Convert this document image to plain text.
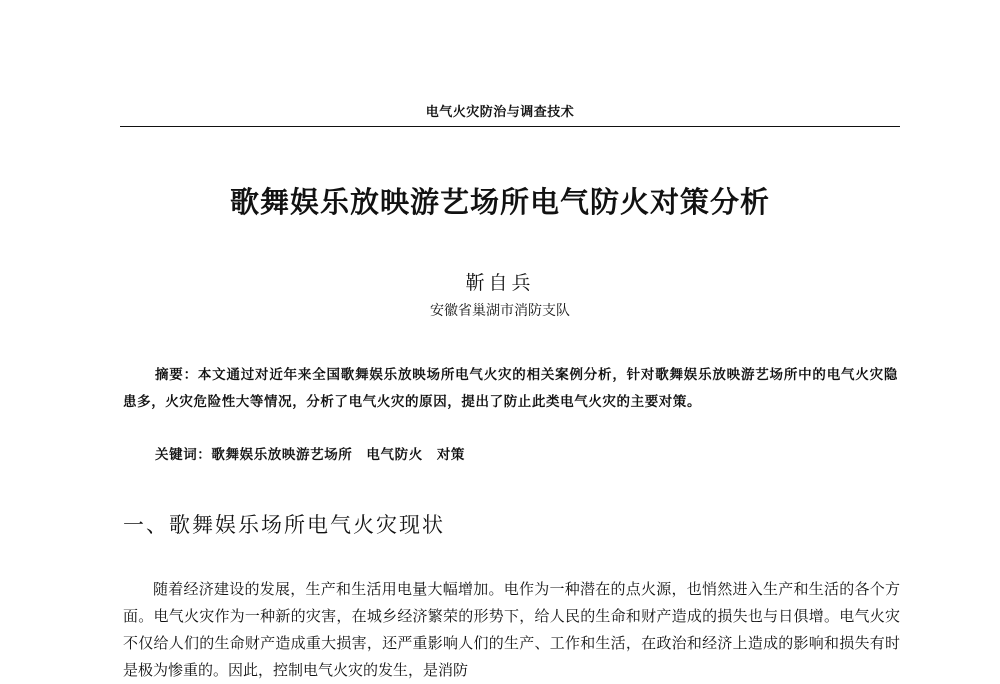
电气火灾防治与调查技术
歌舞娱乐放映游艺场所电气防火对策分析
靳自兵
安徽省巢湖市消防支队
摘要：本文通过对近年来全国歌舞娱乐放映场所电气火灾的相关案例分析，针对歌舞娱乐放映游艺场所中的电气火灾隐患多，火灾危险性大等情况，分析了电气火灾的原因，提出了防止此类电气火灾的主要对策。
关键词：歌舞娱乐放映游艺场所 电气防火 对策
一、歌舞娱乐场所电气火灾现状
随着经济建设的发展，生产和生活用电量大幅增加。电作为一种潜在的点火源，也悄然进入生产和生活的各个方面。电气火灾作为一种新的灾害，在城乡经济繁荣的形势下，给人民的生命和财产造成的损失也与日俱增。电气火灾不仅给人们的生命财产造成重大损害，还严重影响人们的生产、工作和生活，在政治和经济上造成的影响和损失有时是极为惨重的。因此，控制电气火灾的发生，是消防
